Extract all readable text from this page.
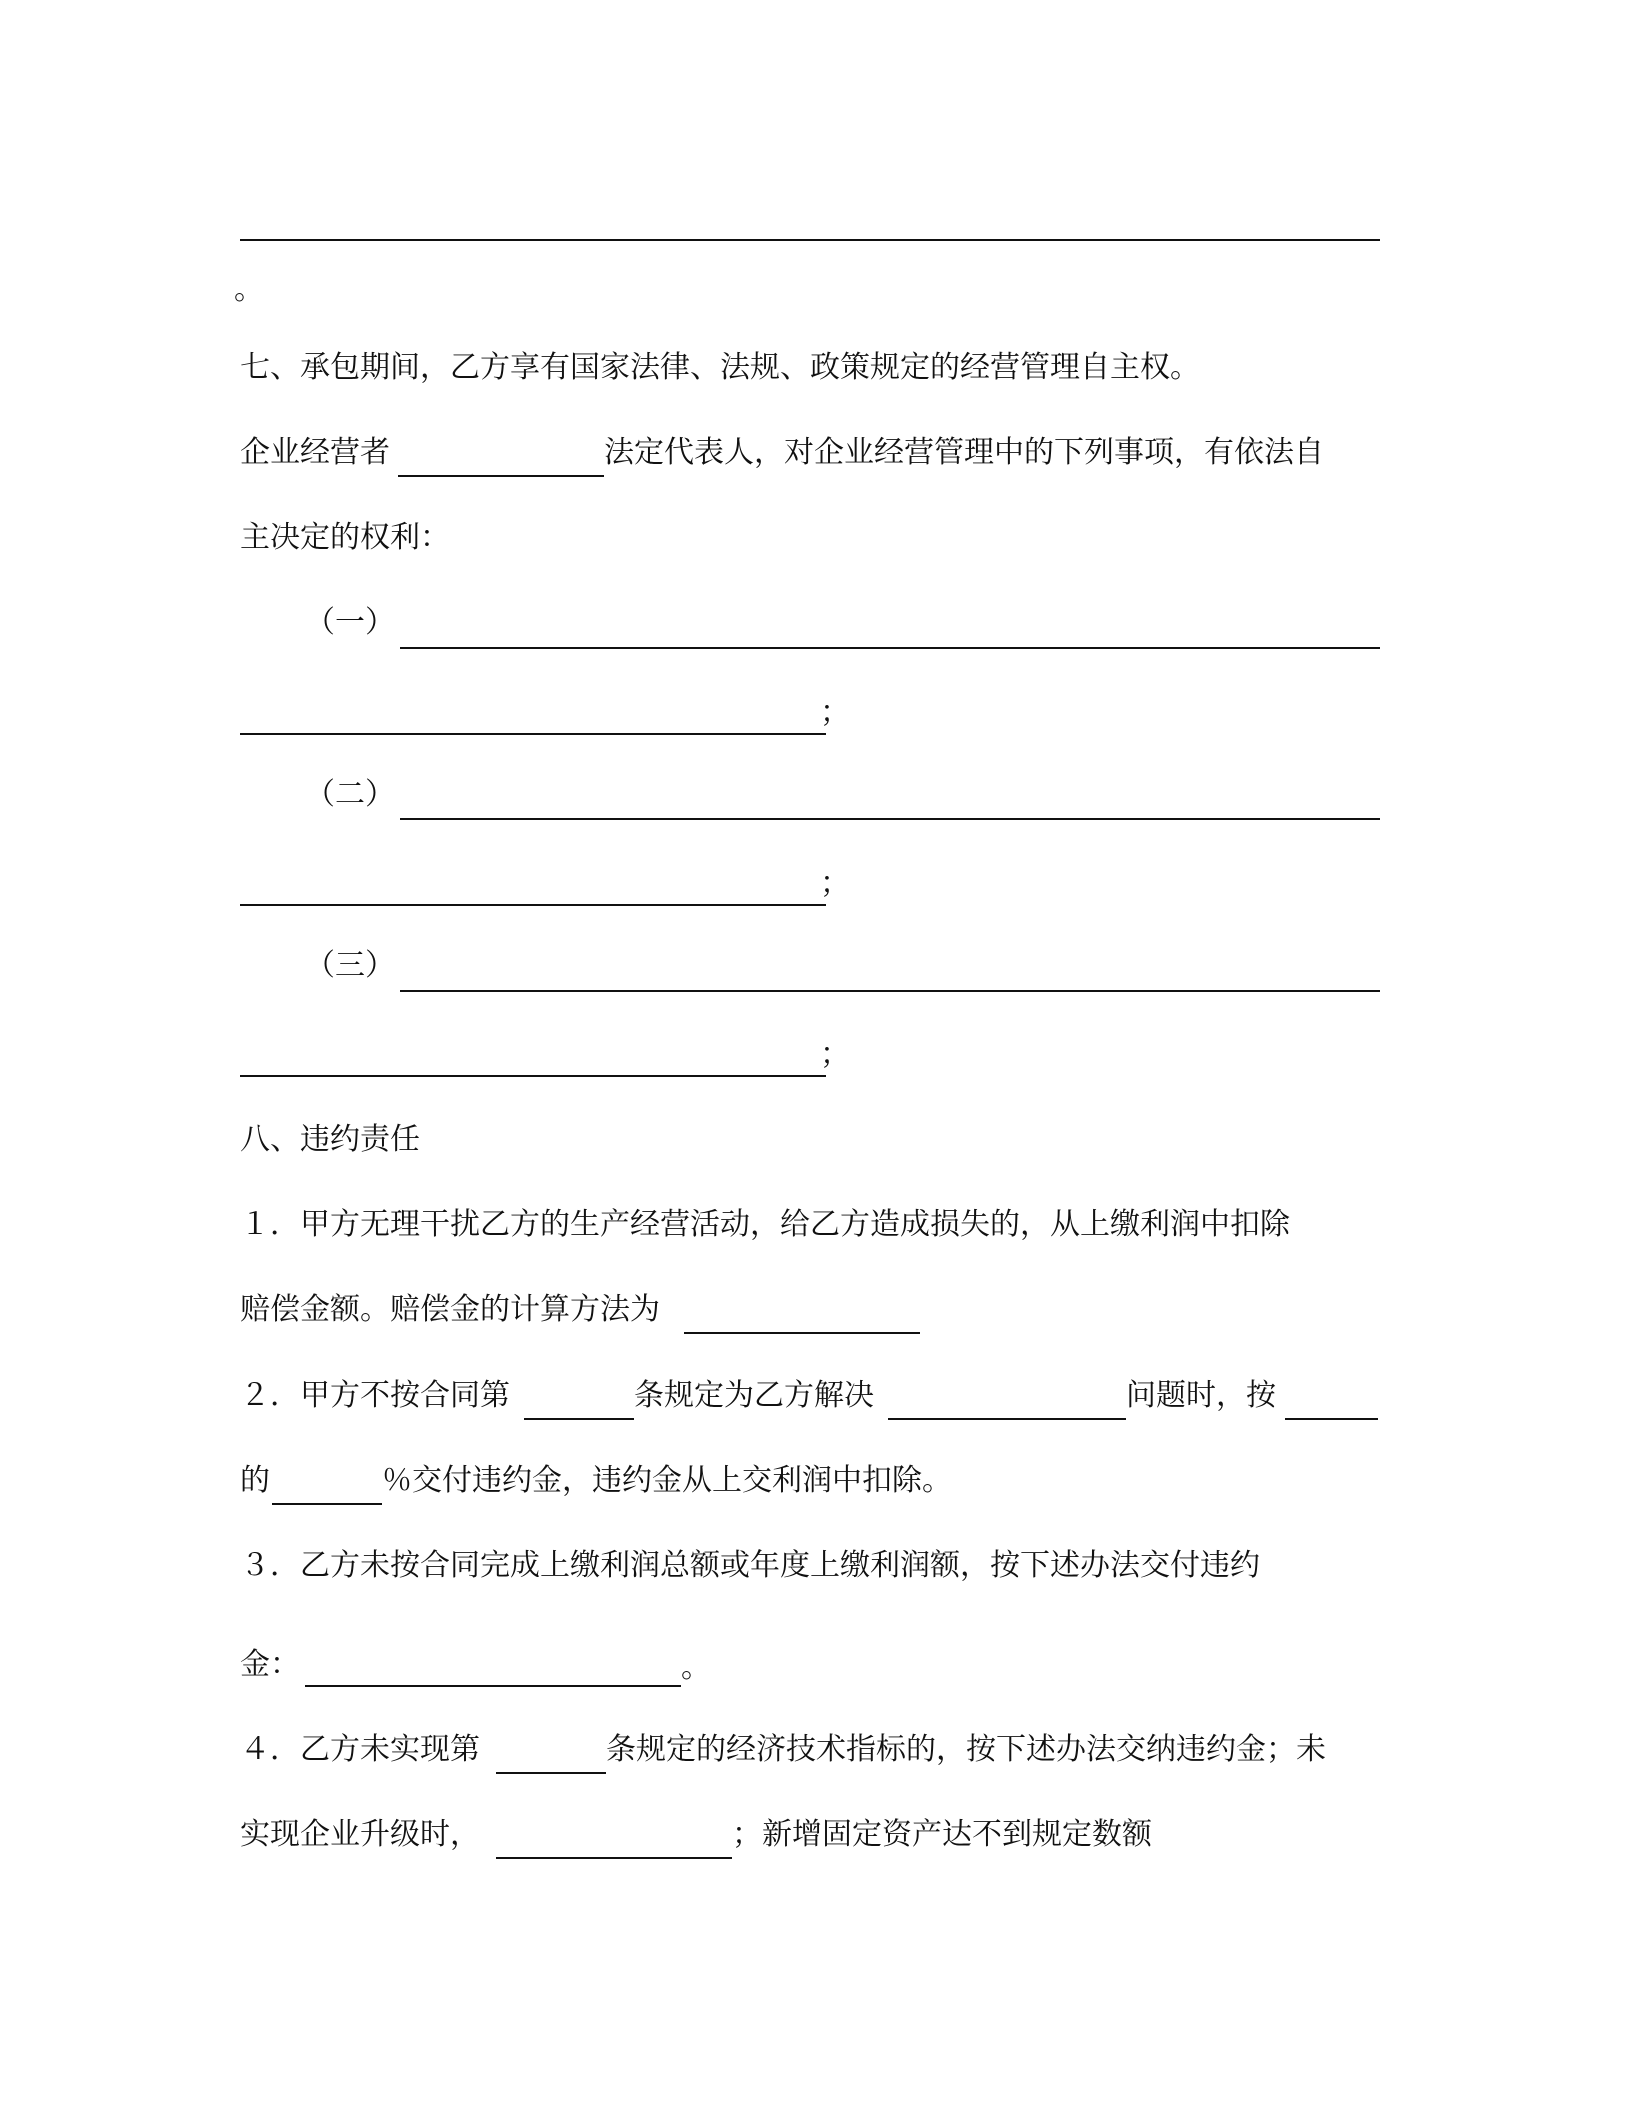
。
七、承包期间，乙方享有国家法律、法规、政策规定的经营管理自主权。
企业经营者	法定代表人，对企业经营管理中的下列事项，有依法自
主决定的权利：
（一）
；
（二）
；
（三）
；
八、违约责任
１．甲方无理干扰乙方的生产经营活动，给乙方造成损失的，从上缴利润中扣除
赔偿金额。赔偿金的计算方法为
２．甲方不按合同第	条规定为乙方解决	问题时，按
的	％交付违约金，违约金从上交利润中扣除。
３．乙方未按合同完成上缴利润总额或年度上缴利润额，按下述办法交付违约
金：	。
４．乙方未实现第	条规定的经济技术指标的，按下述办法交纳违约金；未
实现企业升级时，	；新增固定资产达不到规定数额
